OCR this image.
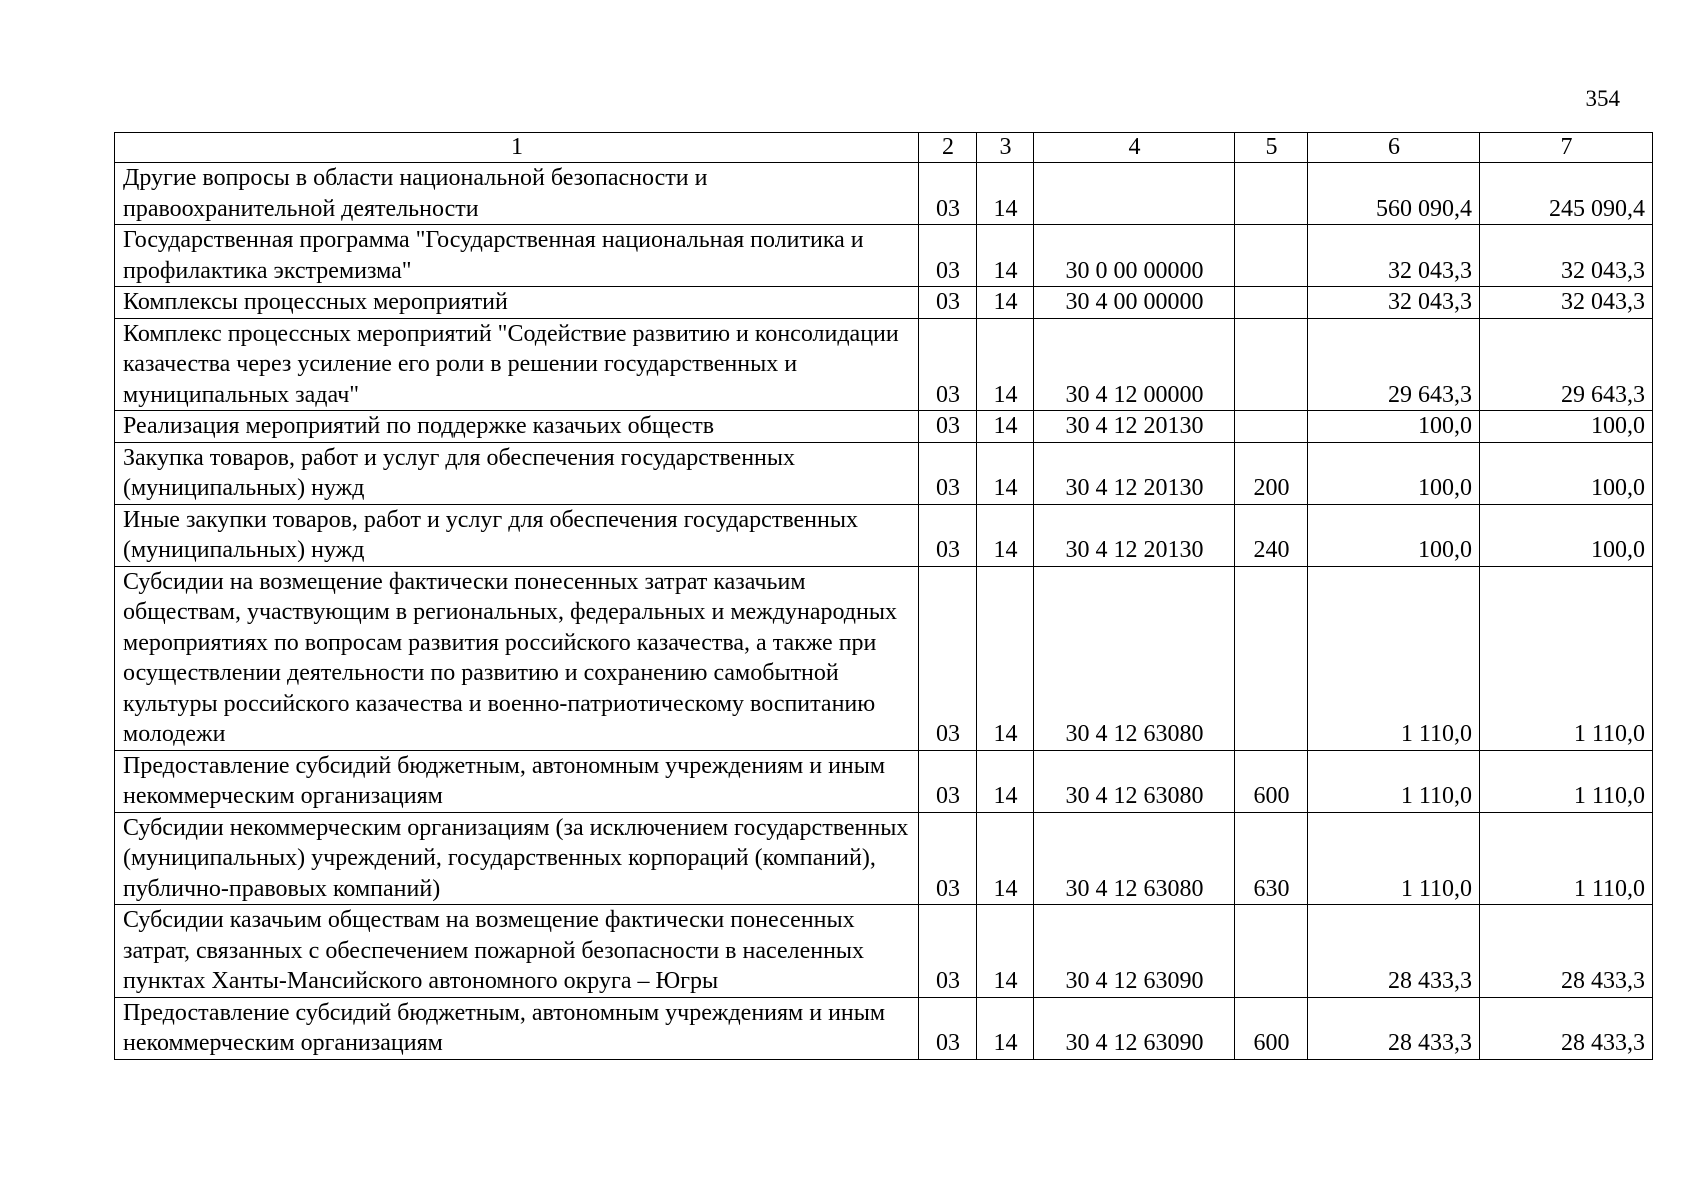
354
1	2	3	4	5	6	7
Другие вопросы в области национальной безопасности и правоохранительной деятельности	03	14			560 090,4	245 090,4
Государственная программа "Государственная национальная политика и профилактика экстремизма"	03	14	30 0 00 00000		32 043,3	32 043,3
Комплексы процессных мероприятий	03	14	30 4 00 00000		32 043,3	32 043,3
Комплекс процессных мероприятий "Содействие развитию и консолидации казачества через усиление его роли в решении государственных и муниципальных задач"	03	14	30 4 12 00000		29 643,3	29 643,3
Реализация мероприятий по поддержке казачьих обществ	03	14	30 4 12 20130		100,0	100,0
Закупка товаров, работ и услуг для обеспечения государственных (муниципальных) нужд	03	14	30 4 12 20130	200	100,0	100,0
Иные закупки товаров, работ и услуг для обеспечения государственных (муниципальных) нужд	03	14	30 4 12 20130	240	100,0	100,0
Субсидии на возмещение фактически понесенных затрат казачьим обществам, участвующим в региональных, федеральных и международных мероприятиях по вопросам развития российского казачества, а также при осуществлении деятельности по развитию и сохранению самобытной культуры российского казачества и военно-патриотическому воспитанию молодежи	03	14	30 4 12 63080		1 110,0	1 110,0
Предоставление субсидий бюджетным, автономным учреждениям и иным некоммерческим организациям	03	14	30 4 12 63080	600	1 110,0	1 110,0
Субсидии некоммерческим организациям (за исключением государственных (муниципальных) учреждений, государственных корпораций (компаний), публично-правовых компаний)	03	14	30 4 12 63080	630	1 110,0	1 110,0
Субсидии казачьим обществам на возмещение фактически понесенных затрат, связанных с обеспечением пожарной безопасности в населенных пунктах Ханты-Мансийского автономного округа – Югры	03	14	30 4 12 63090		28 433,3	28 433,3
Предоставление субсидий бюджетным, автономным учреждениям и иным некоммерческим организациям	03	14	30 4 12 63090	600	28 433,3	28 433,3
